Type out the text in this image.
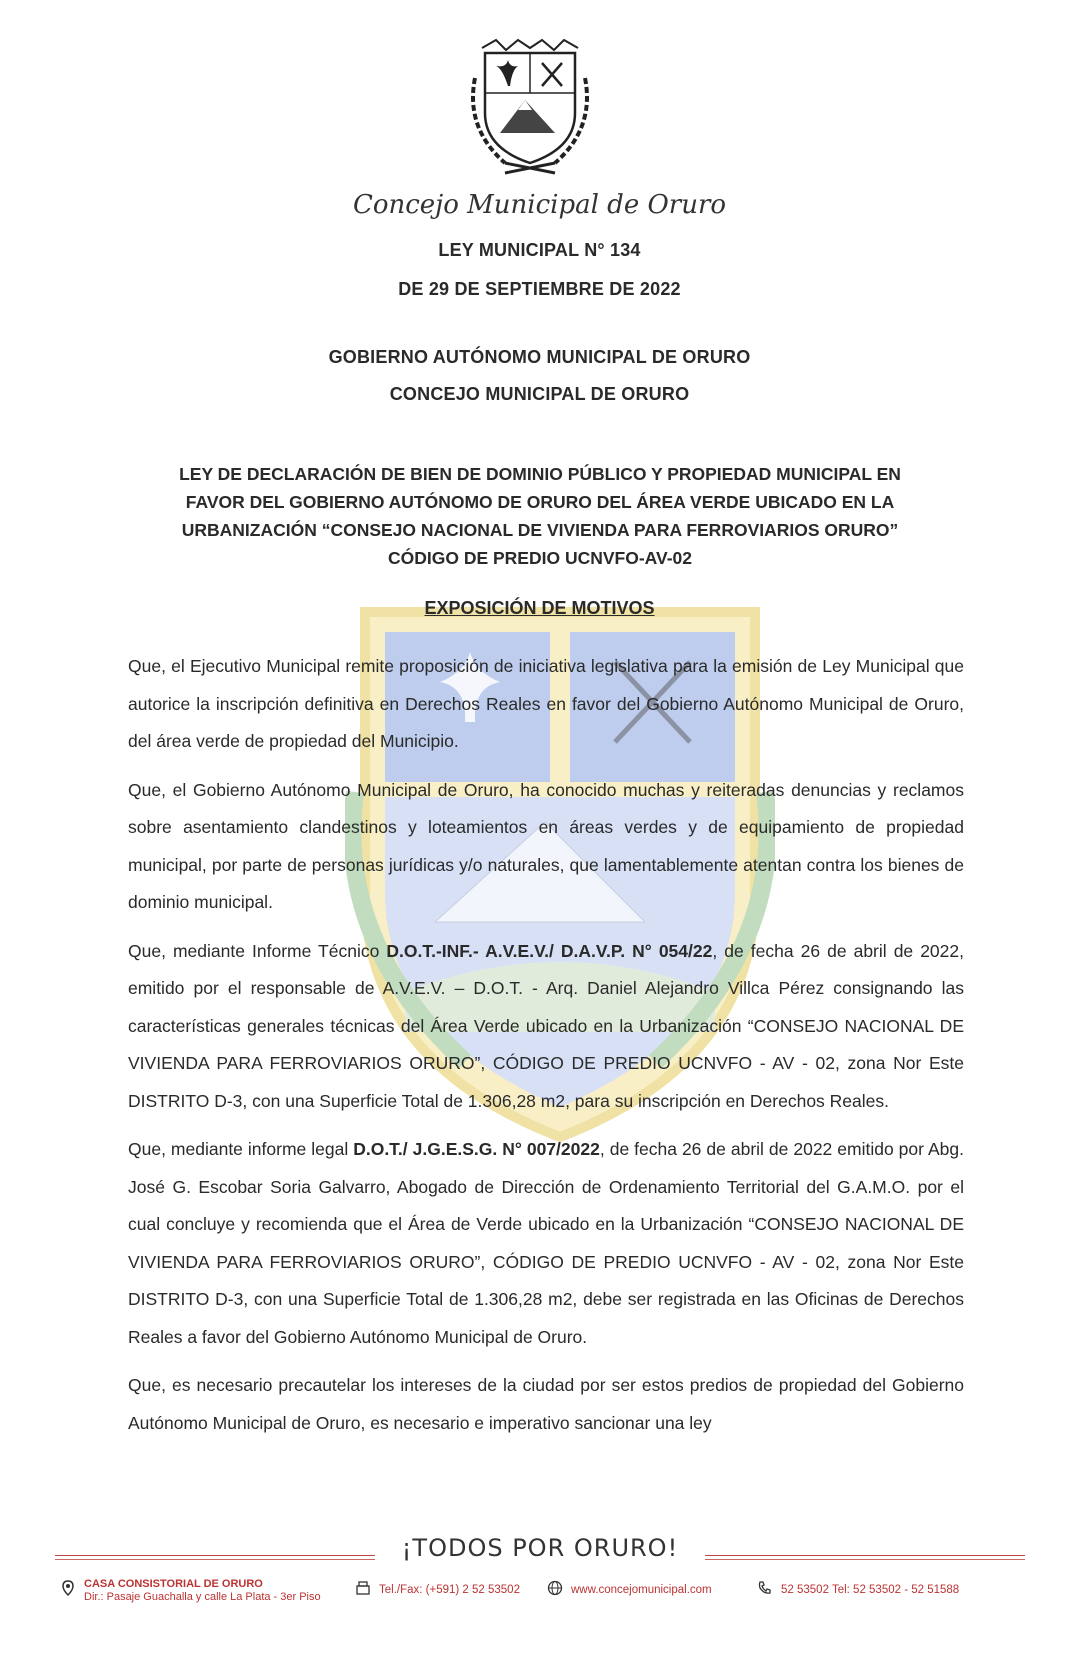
Concejo Municipal de Oruro
LEY MUNICIPAL N° 134
DE 29 DE SEPTIEMBRE DE 2022
GOBIERNO AUTÓNOMO MUNICIPAL DE ORURO
CONCEJO MUNICIPAL DE ORURO
LEY DE DECLARACIÓN DE BIEN DE DOMINIO PÚBLICO Y PROPIEDAD MUNICIPAL EN
FAVOR DEL GOBIERNO AUTÓNOMO DE ORURO DEL ÁREA VERDE UBICADO EN LA
URBANIZACIÓN “CONSEJO NACIONAL DE VIVIENDA PARA FERROVIARIOS ORURO”
CÓDIGO DE PREDIO UCNVFO-AV-02
EXPOSICIÓN DE MOTIVOS

Que, el Ejecutivo Municipal remite proposición de iniciativa legislativa para la emisión de Ley Municipal que autorice la inscripción definitiva en Derechos Reales en favor del Gobierno Autónomo Municipal de Oruro, del área verde de propiedad del Municipio.

Que, el Gobierno Autónomo Municipal de Oruro, ha conocido muchas y reiteradas denuncias y reclamos sobre asentamiento clandestinos y loteamientos en áreas verdes y de equipamiento de propiedad municipal, por parte de personas jurídicas y/o naturales, que lamentablemente atentan contra los bienes de dominio municipal.

Que, mediante Informe Técnico D.O.T.-INF.- A.V.E.V./ D.A.V.P. N° 054/22, de fecha 26 de abril de 2022, emitido por el responsable de A.V.E.V. – D.O.T. - Arq. Daniel Alejandro Villca Pérez consignando las características generales técnicas del Área Verde ubicado en la Urbanización “CONSEJO NACIONAL DE VIVIENDA PARA FERROVIARIOS ORURO”, CÓDIGO DE PREDIO UCNVFO - AV - 02, zona Nor Este DISTRITO D-3, con una Superficie Total de 1.306,28 m2, para su inscripción en Derechos Reales.

Que, mediante informe legal D.O.T./ J.G.E.S.G. N° 007/2022, de fecha 26 de abril de 2022 emitido por Abg. José G. Escobar Soria Galvarro, Abogado de Dirección de Ordenamiento Territorial del G.A.M.O. por el cual concluye y recomienda que el Área de Verde ubicado en la Urbanización “CONSEJO NACIONAL DE VIVIENDA PARA FERROVIARIOS ORURO”, CÓDIGO DE PREDIO UCNVFO - AV - 02, zona Nor Este DISTRITO D-3, con una Superficie Total de 1.306,28 m2, debe ser registrada en las Oficinas de Derechos Reales a favor del Gobierno Autónomo Municipal de Oruro.

Que, es necesario precautelar los intereses de la ciudad por ser estos predios de propiedad del Gobierno Autónomo Municipal de Oruro, es necesario e imperativo sancionar una ley

¡TODOS POR ORURO!
CASA CONSISTORIAL DE ORURO
Dir.: Pasaje Guachalla y calle La Plata - 3er Piso
Tel./Fax: (+591) 2 52 53502	www.concejomunicipal.com	52 53502 Tel: 52 53502 - 52 51588
